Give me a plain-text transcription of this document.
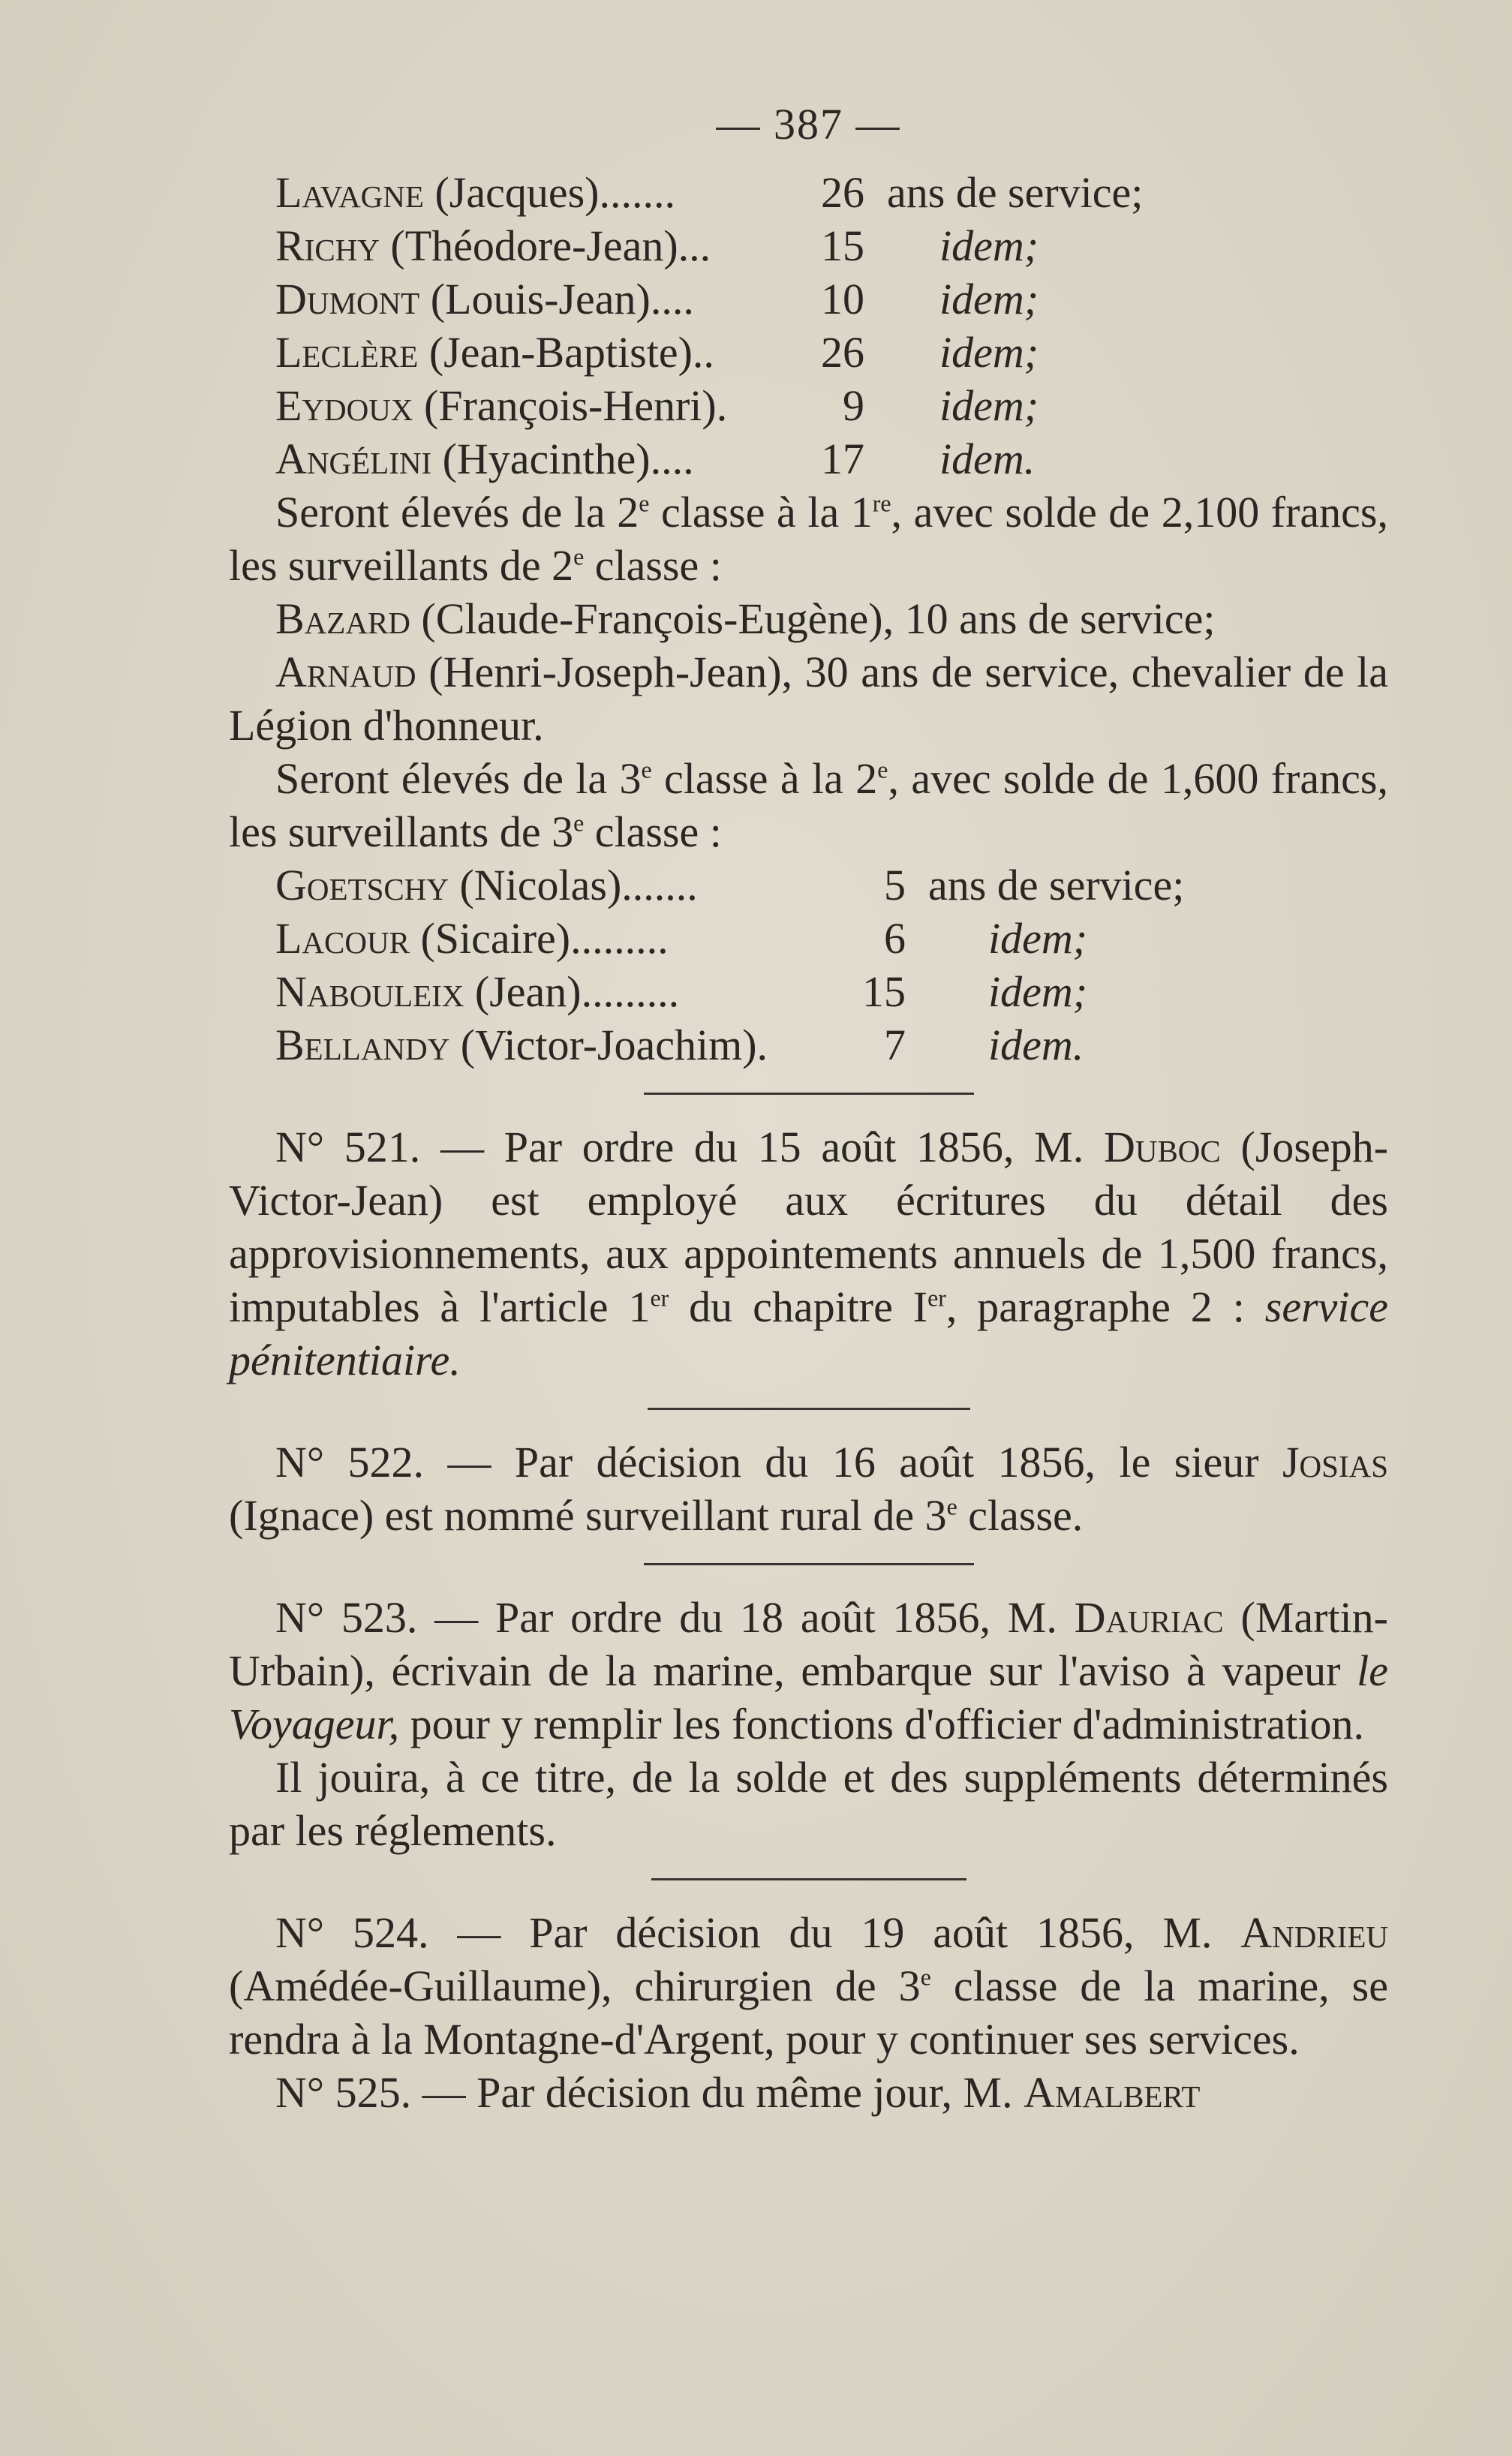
— 387 —
Lavagne (Jacques).......	26 ans de service;
Richy (Théodore-Jean)...	15	idem;
Dumont (Louis-Jean)....	10	idem;
Leclère (Jean-Baptiste)..	26	idem;
Eydoux (François-Henri).	9	idem;
Angélini (Hyacinthe)....	17	idem.

Seront élevés de la 2e classe à la 1re, avec solde de 2,100 francs, les surveillants de 2e classe :

Bazard (Claude-François-Eugène), 10 ans de service;

Arnaud (Henri-Joseph-Jean), 30 ans de service, chevalier de la Légion d'honneur.

Seront élevés de la 3e classe à la 2e, avec solde de 1,600 francs, les surveillants de 3e classe :

Goetschy (Nicolas).......	5 ans de service;
Lacour (Sicaire).........	6	idem;
Nabouleix (Jean).........	15	idem;
Bellandy (Victor-Joachim).	7	idem.

N° 521. — Par ordre du 15 août 1856, M. Duboc (Joseph-Victor-Jean) est employé aux écritures du détail des approvisionnements, aux appointements annuels de 1,500 francs, imputables à l'article 1er du chapitre Ier, paragraphe 2 : service pénitentiaire.

N° 522. — Par décision du 16 août 1856, le sieur Josias (Ignace) est nommé surveillant rural de 3e classe.

N° 523. — Par ordre du 18 août 1856, M. Dauriac (Martin-Urbain), écrivain de la marine, embarque sur l'aviso à vapeur le Voyageur, pour y remplir les fonctions d'officier d'administration.

Il jouira, à ce titre, de la solde et des suppléments déterminés par les réglements.

N° 524. — Par décision du 19 août 1856, M. Andrieu (Amédée-Guillaume), chirurgien de 3e classe de la marine, se rendra à la Montagne-d'Argent, pour y continuer ses services.

N° 525. — Par décision du même jour, M. Amalbert
